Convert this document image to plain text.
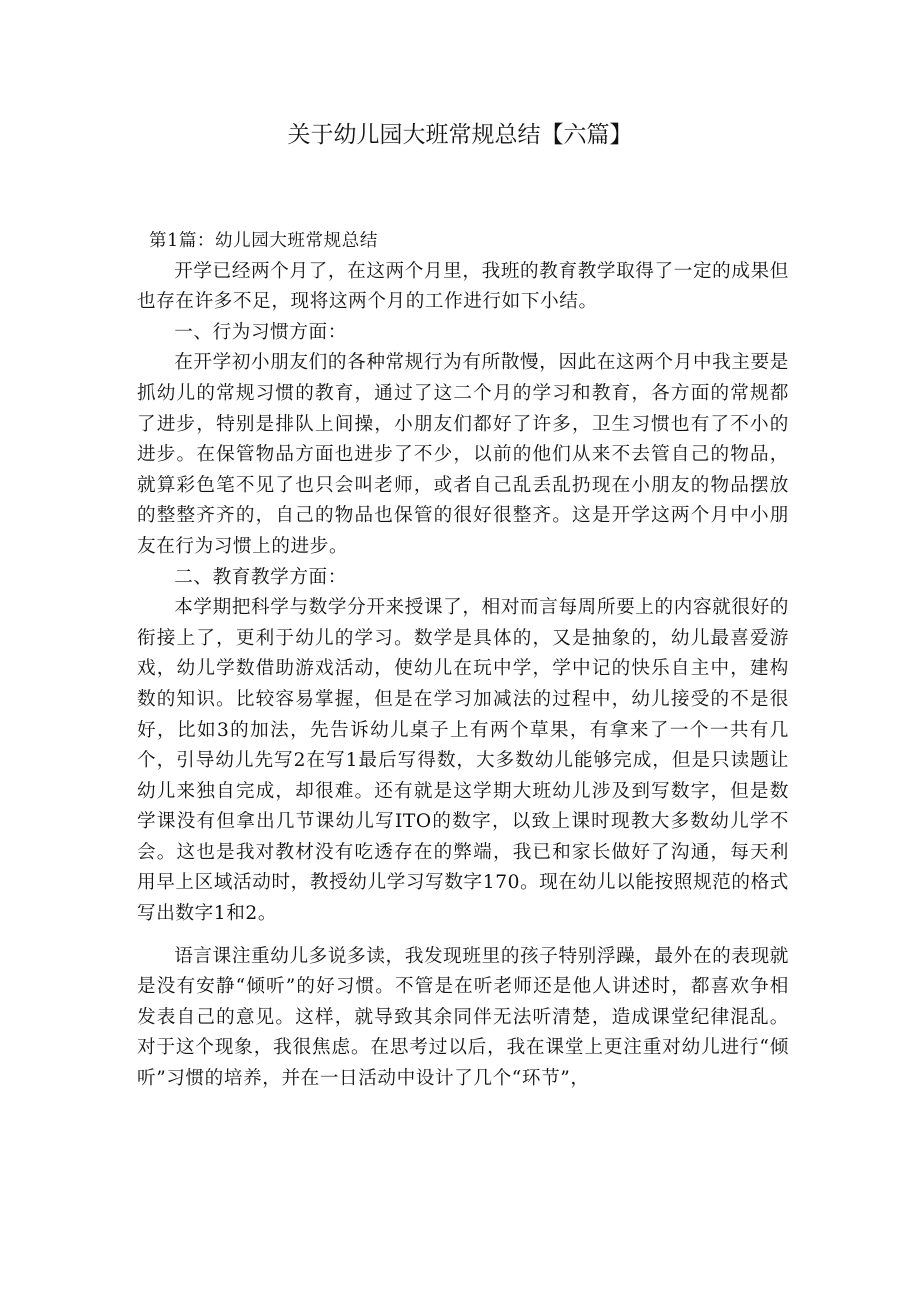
关于幼儿园大班常规总结【六篇】

第1篇：幼儿园大班常规总结

开学已经两个月了，在这两个月里，我班的教育教学取得了一定的成果但也存在许多不足，现将这两个月的工作进行如下小结。

一、行为习惯方面：

在开学初小朋友们的各种常规行为有所散慢，因此在这两个月中我主要是抓幼儿的常规习惯的教育，通过了这二个月的学习和教育，各方面的常规都了进步，特别是排队上间操，小朋友们都好了许多，卫生习惯也有了不小的进步。在保管物品方面也进步了不少，以前的他们从来不去管自己的物品，就算彩色笔不见了也只会叫老师，或者自己乱丢乱扔现在小朋友的物品摆放的整整齐齐的，自己的物品也保管的很好很整齐。这是开学这两个月中小朋友在行为习惯上的进步。

二、教育教学方面：

本学期把科学与数学分开来授课了，相对而言每周所要上的内容就很好的衔接上了，更利于幼儿的学习。数学是具体的，又是抽象的，幼儿最喜爱游戏，幼儿学数借助游戏活动，使幼儿在玩中学，学中记的快乐自主中，建构数的知识。比较容易掌握，但是在学习加减法的过程中，幼儿接受的不是很好，比如3的加法，先告诉幼儿桌子上有两个草果，有拿来了一个一共有几个，引导幼儿先写2在写1最后写得数，大多数幼儿能够完成，但是只读题让幼儿来独自完成，却很难。还有就是这学期大班幼儿涉及到写数字，但是数学课没有但拿出几节课幼儿写ITO的数字，以致上课时现教大多数幼儿学不会。这也是我对教材没有吃透存在的弊端，我已和家长做好了沟通，每天利用早上区域活动时，教授幼儿学习写数字170。现在幼儿以能按照规范的格式写出数字1和2。

语言课注重幼儿多说多读，我发现班里的孩子特别浮躁，最外在的表现就是没有安静“倾听”的好习惯。不管是在听老师还是他人讲述时，都喜欢争相发表自己的意见。这样，就导致其余同伴无法听清楚，造成课堂纪律混乱。对于这个现象，我很焦虑。在思考过以后，我在课堂上更注重对幼儿进行“倾听”习惯的培养，并在一日活动中设计了几个“环节”，
